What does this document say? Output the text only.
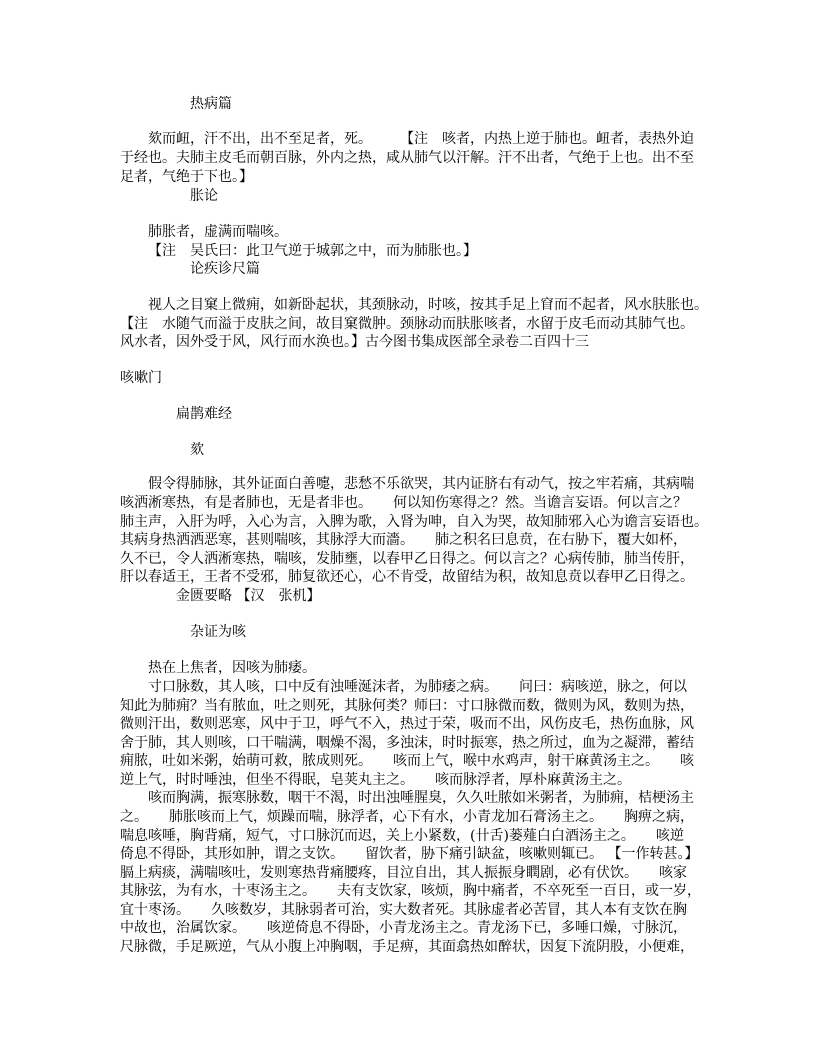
热病篇

欬而衄，汗不出，出不至足者，死。　　　【注　咳者，内热上逆于肺也。衄者，表热外迫

于经也。夫肺主皮毛而朝百脉，外内之热，咸从肺气以汗解。汗不出者，气绝于上也。出不至

足者，气绝于下也。】

胀论

肺胀者，虚满而喘咳。

【注　吴氏曰：此卫气逆于城郭之中，而为肺胀也。】

论疾诊尺篇

视人之目窠上微痈，如新卧起状，其颈脉动，时咳，按其手足上窅而不起者，风水肤胀也。

【注　水随气而溢于皮肤之间，故目窠微肿。颈脉动而肤胀咳者，水留于皮毛而动其肺气也。

风水者，因外受于风，风行而水涣也。】古今图书集成医部全录卷二百四十三

咳嗽门

扁鹊难经

欬

假令得肺脉，其外证面白善嚏，悲愁不乐欲哭，其内证脐右有动气，按之牢若痛，其病喘

咳洒淅寒热，有是者肺也，无是者非也。　　何以知伤寒得之？然。当谵言妄语。何以言之？

肺主声，入肝为呼，入心为言，入脾为歌，入肾为呻，自入为哭，故知肺邪入心为谵言妄语也。

其病身热洒洒恶寒，甚则喘咳，其脉浮大而濇。　　肺之积名曰息贲，在右胁下，覆大如杯，

久不已，令人洒淅寒热，喘咳，发肺壅，以春甲乙日得之。何以言之？心病传肺，肺当传肝，

肝以春适王，王者不受邪，肺复欲还心，心不肯受，故留结为积，故知息贲以春甲乙日得之。

金匮要略 【汉　张机】

杂证为咳

热在上焦者，因咳为肺痿。

寸口脉数，其人咳，口中反有浊唾涎沫者，为肺痿之病。　　问曰：病咳逆，脉之，何以

知此为肺痈？当有脓血，吐之则死，其脉何类？师曰：寸口脉微而数，微则为风，数则为热，

微则汗出，数则恶寒，风中于卫，呼气不入，热过于荣，吸而不出，风伤皮毛，热伤血脉，风

舍于肺，其人则咳，口干喘满，咽燥不渴，多浊沫，时时振寒，热之所过，血为之凝滞，蓄结

痈脓，吐如米粥，始萌可救，脓成则死。　　咳而上气，喉中水鸡声，射干麻黄汤主之。　　咳

逆上气，时时唾浊，但坐不得眠，皂荚丸主之。　　咳而脉浮者，厚朴麻黄汤主之。

咳而胸满，振寒脉数，咽干不渴，时出浊唾腥臭，久久吐脓如米粥者，为肺痈，桔梗汤主

之。　　肺胀咳而上气，烦躁而喘，脉浮者，心下有水，小青龙加石膏汤主之。　　胸痹之病，

喘息咳唾，胸背痛，短气，寸口脉沉而迟，关上小紧数，(卄舌)蒌薤白白酒汤主之。　　咳逆

倚息不得卧，其形如肿，谓之支饮。　　留饮者，胁下痛引缺盆，咳嗽则辄已。 【一作转甚。】

膈上病痰，满喘咳吐，发则寒热背痛腰疼，目泣自出，其人振振身瞤剧，必有伏饮。　　咳家

其脉弦，为有水，十枣汤主之。　　夫有支饮家，咳烦，胸中痛者，不卒死至一百日，或一岁，

宜十枣汤。　　久咳数岁，其脉弱者可治，实大数者死。其脉虚者必苦冒，其人本有支饮在胸

中故也，治属饮家。　　咳逆倚息不得卧，小青龙汤主之。青龙汤下已，多唾口燥，寸脉沉，

尺脉微，手足厥逆，气从小腹上冲胸咽，手足痹，其面翕热如醉状，因复下流阴股，小便难，
